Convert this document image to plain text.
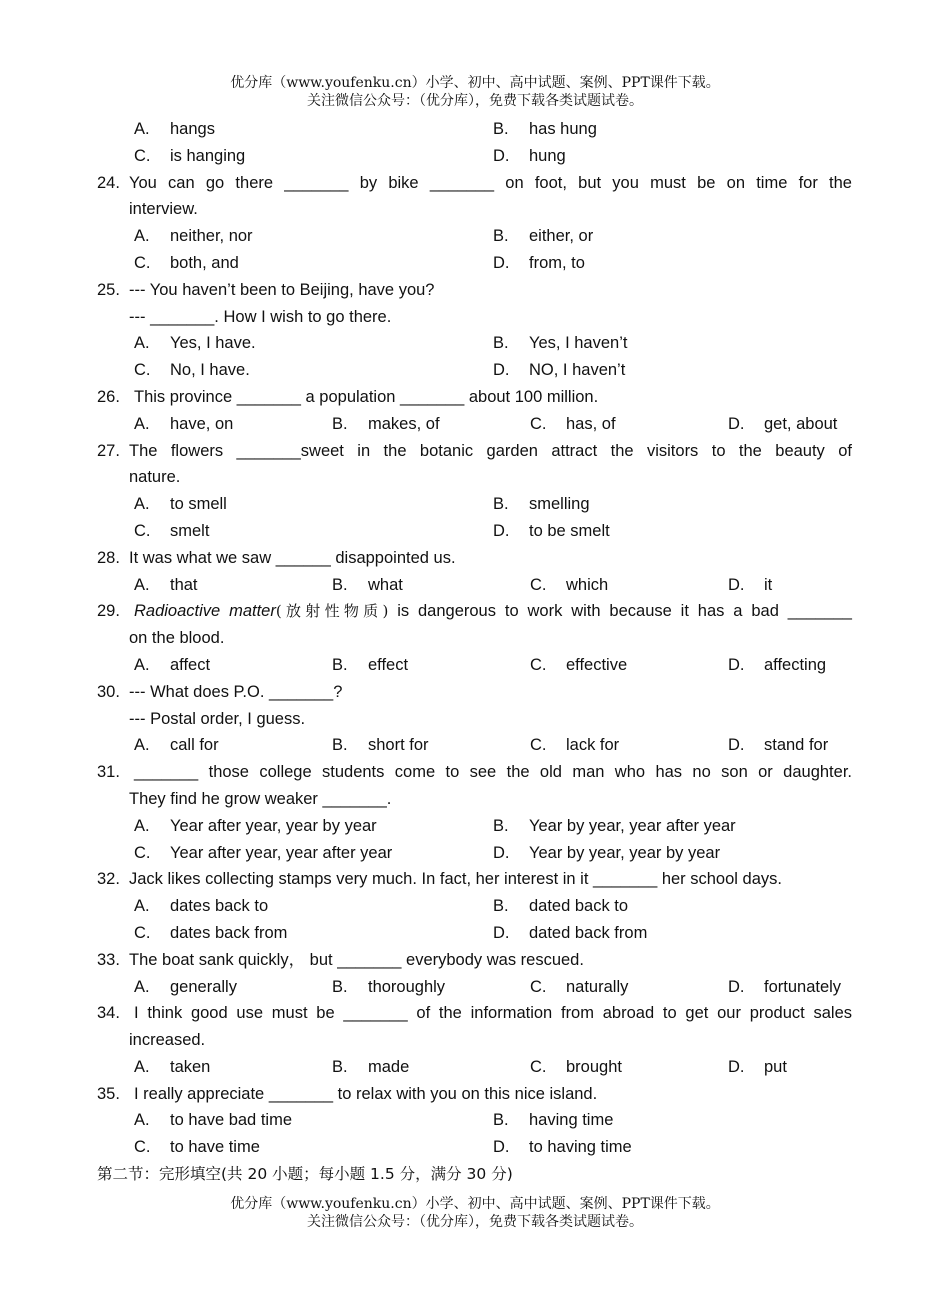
优分库（www.youfenku.cn）小学、初中、高中试题、案例、PPT课件下载。
关注微信公众号：（优分库），免费下载各类试题试卷。
A.	hangs	B.	has hung
C.	is hanging	D.	hung
24. You can go there _______ by bike _______ on foot, but you must be on time for the
interview.
A.	neither, nor	B.	either, or
C.	both, and	D.	from, to
25. --- You haven’t been to Beijing, have you?
--- _______. How I wish to go there.
A.	Yes, I have.	B.	Yes, I haven’t
C.	No, I have.	D.	NO, I haven’t
26. This province _______ a population _______ about 100 million.
A.	have, on	B.	makes, of	C.	has, of	D.	get, about
27. The flowers _______sweet in the botanic garden attract the visitors to the beauty of
nature.
A.	to smell	B.	smelling
C.	smelt	D.	to be smelt
28. It was what we saw ______ disappointed us.
A.	that	B.	what	C.	which	D.	it
29. Radioactive matter(放射性物质) is dangerous to work with because it has a bad _______
on the blood.
A.	affect	B.	effect	C.	effective	D.	affecting
30. --- What does P.O. _______?
--- Postal order, I guess.
A.	call for	B.	short for	C.	lack for	D.	stand for
31. _______ those college students come to see the old man who has no son or daughter.
They find he grow weaker _______.
A.	Year after year, year by year	B.	Year by year, year after year
C.	Year after year, year after year	D.	Year by year, year by year
32. Jack likes collecting stamps very much. In fact, her interest in it _______ her school days.
A.	dates back to	B.	dated back to
C.	dates back from	D.	dated back from
33. The boat sank quickly， but _______ everybody was rescued.
A.	generally	B.	thoroughly	C.	naturally	D.	fortunately
34. I think good use must be _______ of the information from abroad to get our product sales
increased.
A.	taken	B.	made	C.	brought	D.	put
35. I really appreciate _______ to relax with you on this nice island.
A.	to have bad time	B.	having time
C.	to have time	D.	to having time
第二节：完形填空(共 20 小题；每小题 1.5 分，满分 30 分)
优分库（www.youfenku.cn）小学、初中、高中试题、案例、PPT课件下载。
关注微信公众号：（优分库），免费下载各类试题试卷。
